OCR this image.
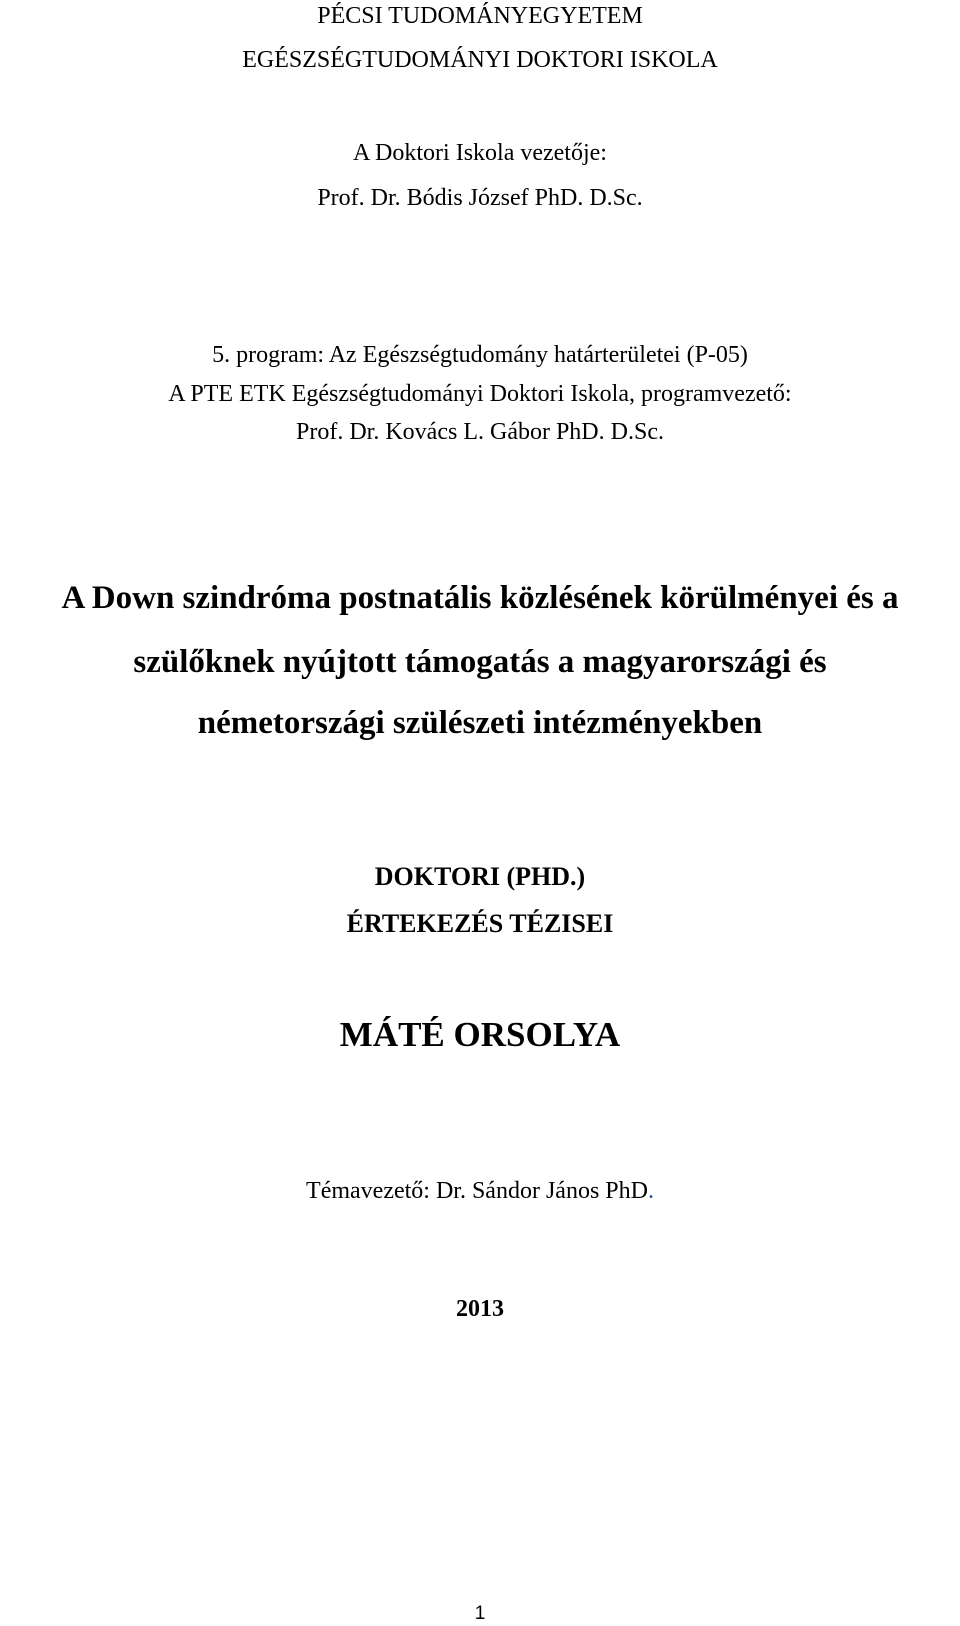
PÉCSI TUDOMÁNYEGYETEM
EGÉSZSÉGTUDOMÁNYI DOKTORI ISKOLA
A Doktori Iskola vezetője:
Prof. Dr. Bódis József PhD. D.Sc.
5. program: Az Egészségtudomány határterületei (P-05)
A PTE ETK Egészségtudományi Doktori Iskola, programvezető:
Prof. Dr. Kovács L. Gábor PhD. D.Sc.
A Down szindróma postnatális közlésének körülményei és a
szülőknek nyújtott támogatás a magyarországi és
németországi szülészeti intézményekben
DOKTORI (PHD.)
ÉRTEKEZÉS TÉZISEI
MÁTÉ ORSOLYA
Témavezető: Dr. Sándor János PhD.
2013
1
